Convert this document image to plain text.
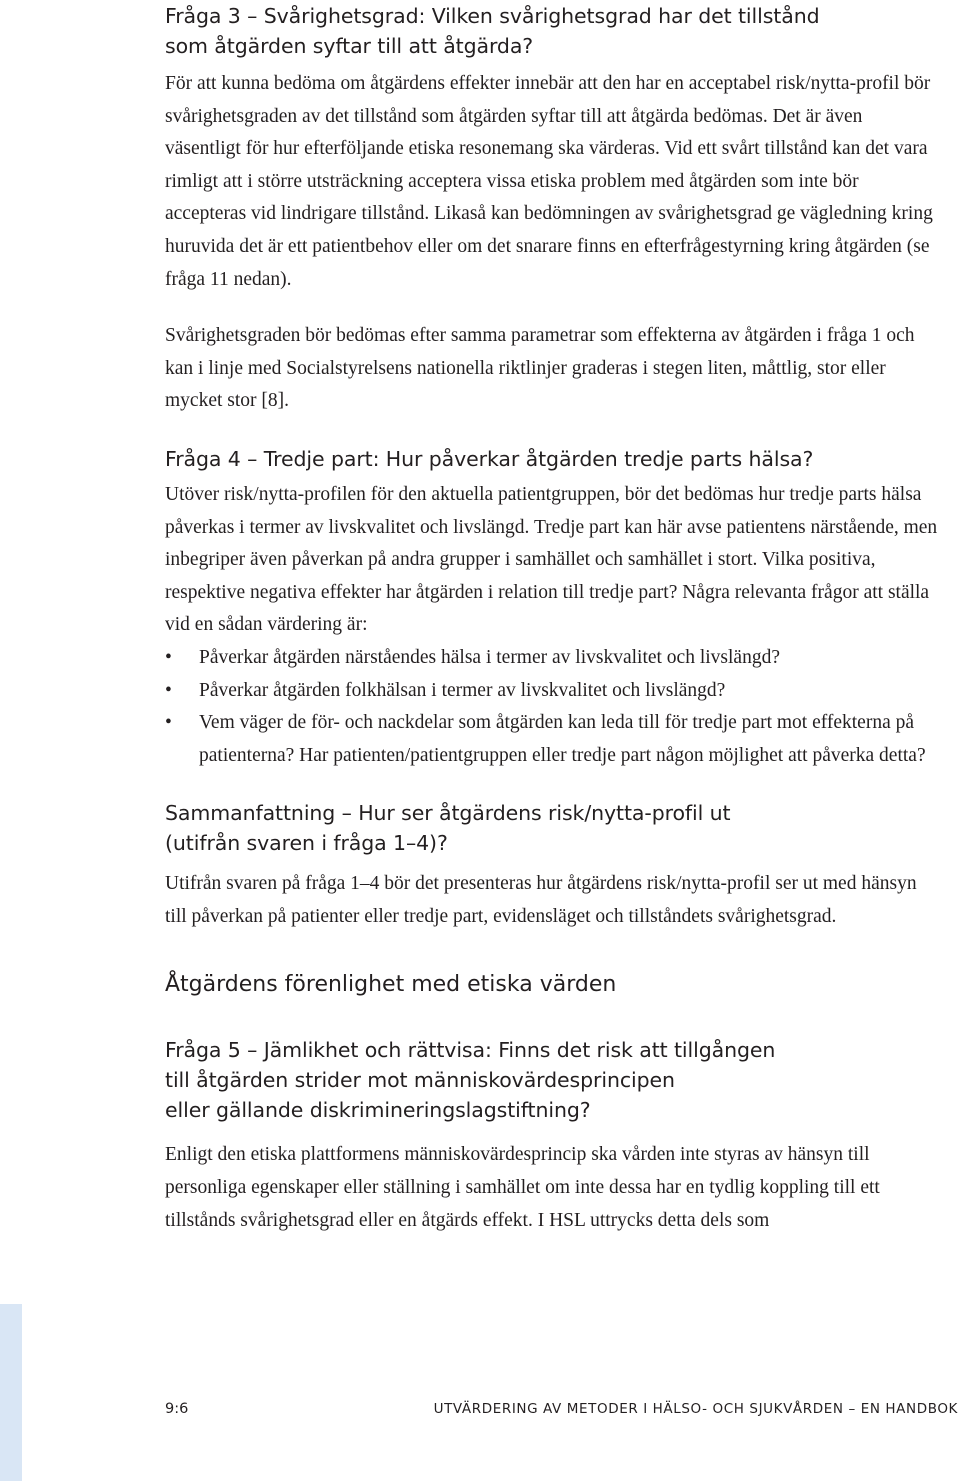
Fråga 3 – Svårighetsgrad: Vilken svårighetsgrad har det tillstånd som åtgärden syftar till att åtgärda?

För att kunna bedöma om åtgärdens effekter innebär att den har en acceptabel risk/nytta-profil bör svårighetsgraden av det tillstånd som åtgärden syftar till att åtgärda bedömas. Det är även väsentligt för hur efterföljande etiska resonemang ska värderas. Vid ett svårt tillstånd kan det vara rimligt att i större utsträckning acceptera vissa etiska problem med åtgärden som inte bör accepteras vid lindrigare tillstånd. Likaså kan bedömningen av svårighetsgrad ge vägledning kring huruvida det är ett patientbehov eller om det snarare finns en efterfrågestyrning kring åtgärden (se fråga 11 nedan).

Svårighetsgraden bör bedömas efter samma parametrar som effekterna av åtgärden i fråga 1 och kan i linje med Socialstyrelsens nationella riktlinjer graderas i stegen liten, måttlig, stor eller mycket stor [8].

Fråga 4 – Tredje part: Hur påverkar åtgärden tredje parts hälsa?

Utöver risk/nytta-profilen för den aktuella patientgruppen, bör det bedömas hur tredje parts hälsa påverkas i termer av livskvalitet och livslängd. Tredje part kan här avse patientens närstående, men inbegriper även påverkan på andra grupper i samhället och samhället i stort. Vilka positiva, respektive negativa effekter har åtgärden i relation till tredje part? Några relevanta frågor att ställa vid en sådan värdering är:

•	Påverkar åtgärden närståendes hälsa i termer av livskvalitet och livslängd?
•	Påverkar åtgärden folkhälsan i termer av livskvalitet och livslängd?
•	Vem väger de för- och nackdelar som åtgärden kan leda till för tredje part mot effekterna på patienterna? Har patienten/patientgruppen eller tredje part någon möjlighet att påverka detta?
Sammanfattning – Hur ser åtgärdens risk/nytta-profil ut
(utifrån svaren i fråga 1–4)?

Utifrån svaren på fråga 1–4 bör det presenteras hur åtgärdens risk/nytta-profil ser ut med hänsyn till påverkan på patienter eller tredje part, evidensläget och tillståndets svårighetsgrad.

Åtgärdens förenlighet med etiska värden
Fråga 5 – Jämlikhet och rättvisa: Finns det risk att tillgången
till åtgärden strider mot människovärdesprincipen
eller gällande diskrimineringslagstiftning?

Enligt den etiska plattformens människovärdesprincip ska vården inte styras av hänsyn till personliga egenskaper eller ställning i samhället om inte dessa har en tydlig koppling till ett tillstånds svårighetsgrad eller en åtgärds effekt. I HSL uttrycks detta dels som

9:6	UTVÄRDERING AV METODER I HÄLSO- OCH SJUKVÅRDEN – EN HANDBOK
